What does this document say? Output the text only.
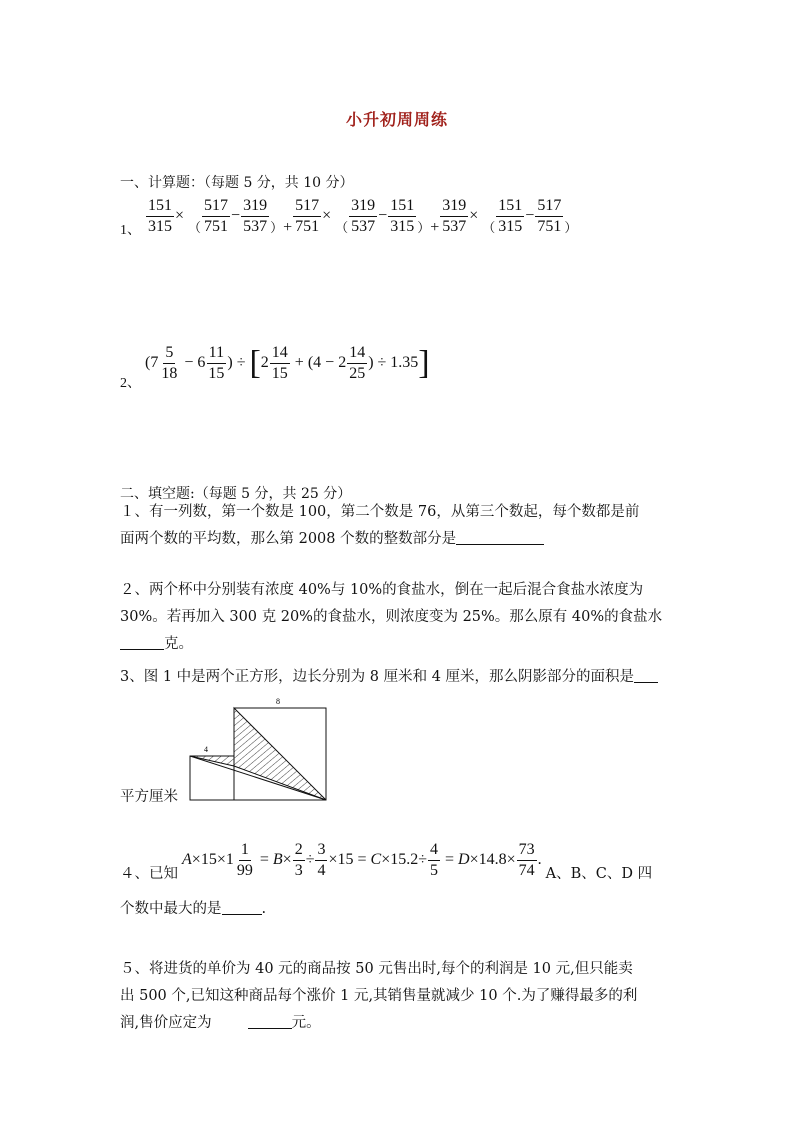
小升初周周练
一、计算题：（每题 5 分，共 10 分）
1、 $\frac{151}{315} \times _( \frac{517}{751} - \frac{319}{537} _)+ \frac{517}{751} \times _( \frac{319}{537} - \frac{151}{315} _)+ \frac{319}{537} \times _( \frac{151}{315} - \frac{517}{751} _)$
2、 ($7 \frac{5}{18} - 6 \frac{11}{15}$ ) ÷ [$2 \frac{14}{15} + (4 - 2 \frac{14}{25}$ ) ÷ 1.35]
二、填空题:（每题 5 分，共 25 分）
１、有一列数，第一个数是 100，第二个数是 76，从第三个数起，每个数都是前
面两个数的平均数，那么第 2008 个数的整数部分是
２、两个杯中分别装有浓度 40%与 10%的食盐水，倒在一起后混合食盐水浓度为
30%。若再加入 300 克 20%的食盐水，则浓度变为 25%。那么原有 40%的食盐水
克。
3、图 1 中是两个正方形，边长分别为 8 厘米和 4 厘米，那么阴影部分的面积是
8
4
平方厘米
４、已知 $A\times 15\times 1 \frac{1}{99} = B\times \frac{2}{3} \div \frac{3}{4} \times 15 = C\times 15.2\div \frac{4}{5} = D\times 14.8\times \frac{73}{74}$ . A、B、C、D 四
个数中最大的是	.
５、将进货的单价为 40 元的商品按 50 元售出时,每个的利润是 10 元,但只能卖
出 500 个,已知这种商品每个涨价 1 元,其销售量就减少 10 个.为了赚得最多的利
润,售价应定为	元。
